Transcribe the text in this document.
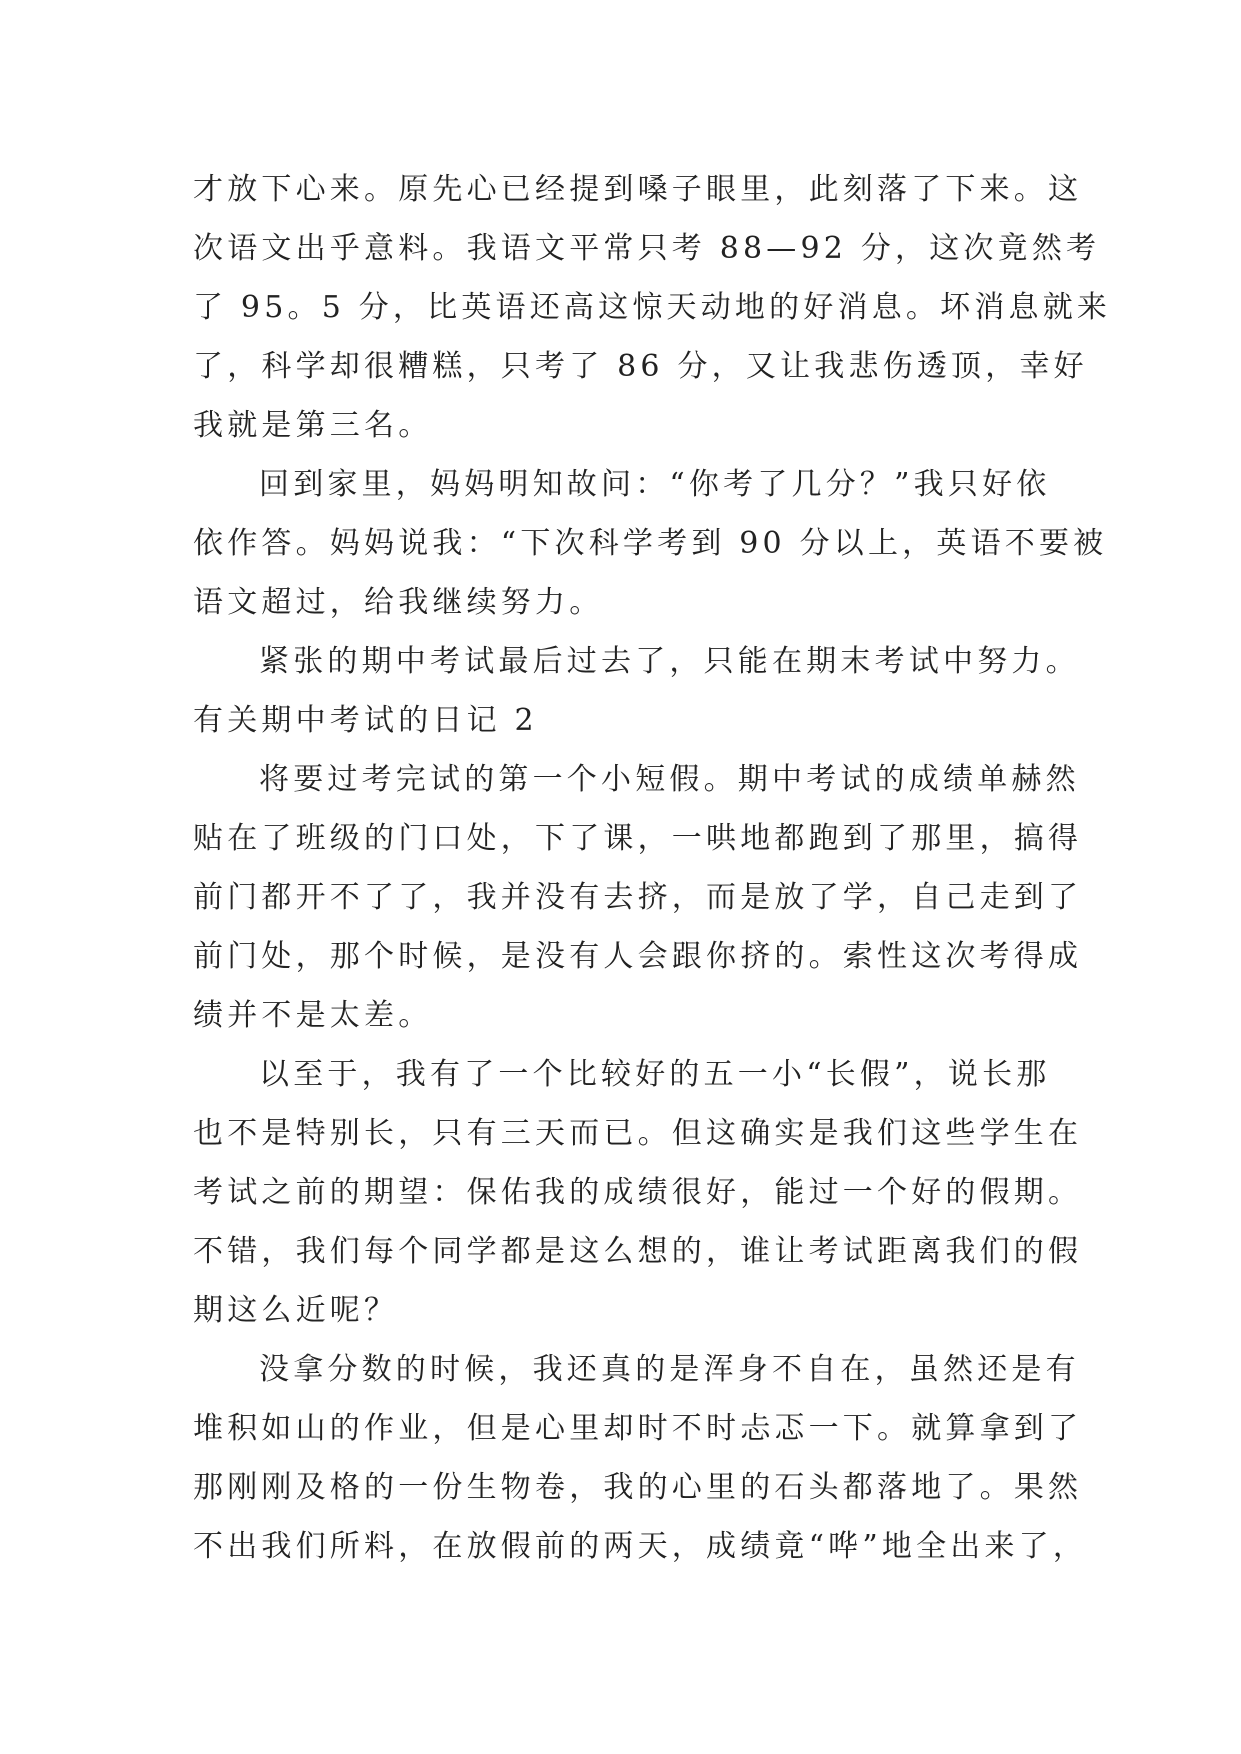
才放下心来。原先心已经提到嗓子眼里，此刻落了下来。这
次语文出乎意料。我语文平常只考 88—92 分，这次竟然考
了 95。5 分，比英语还高这惊天动地的好消息。坏消息就来
了，科学却很糟糕，只考了 86 分，又让我悲伤透顶，幸好
我就是第三名。
回到家里，妈妈明知故问：“你考了几分？”我只好依
依作答。妈妈说我：“下次科学考到 90 分以上，英语不要被
语文超过，给我继续努力。
紧张的期中考试最后过去了，只能在期末考试中努力。
有关期中考试的日记 2
将要过考完试的第一个小短假。期中考试的成绩单赫然
贴在了班级的门口处，下了课，一哄地都跑到了那里，搞得
前门都开不了了，我并没有去挤，而是放了学，自己走到了
前门处，那个时候，是没有人会跟你挤的。索性这次考得成
绩并不是太差。
以至于，我有了一个比较好的五一小“长假”，说长那
也不是特别长，只有三天而已。但这确实是我们这些学生在
考试之前的期望：保佑我的成绩很好，能过一个好的假期。
不错，我们每个同学都是这么想的，谁让考试距离我们的假
期这么近呢？
没拿分数的时候，我还真的是浑身不自在，虽然还是有
堆积如山的作业，但是心里却时不时忐忑一下。就算拿到了
那刚刚及格的一份生物卷，我的心里的石头都落地了。果然
不出我们所料，在放假前的两天，成绩竟“哗”地全出来了，
